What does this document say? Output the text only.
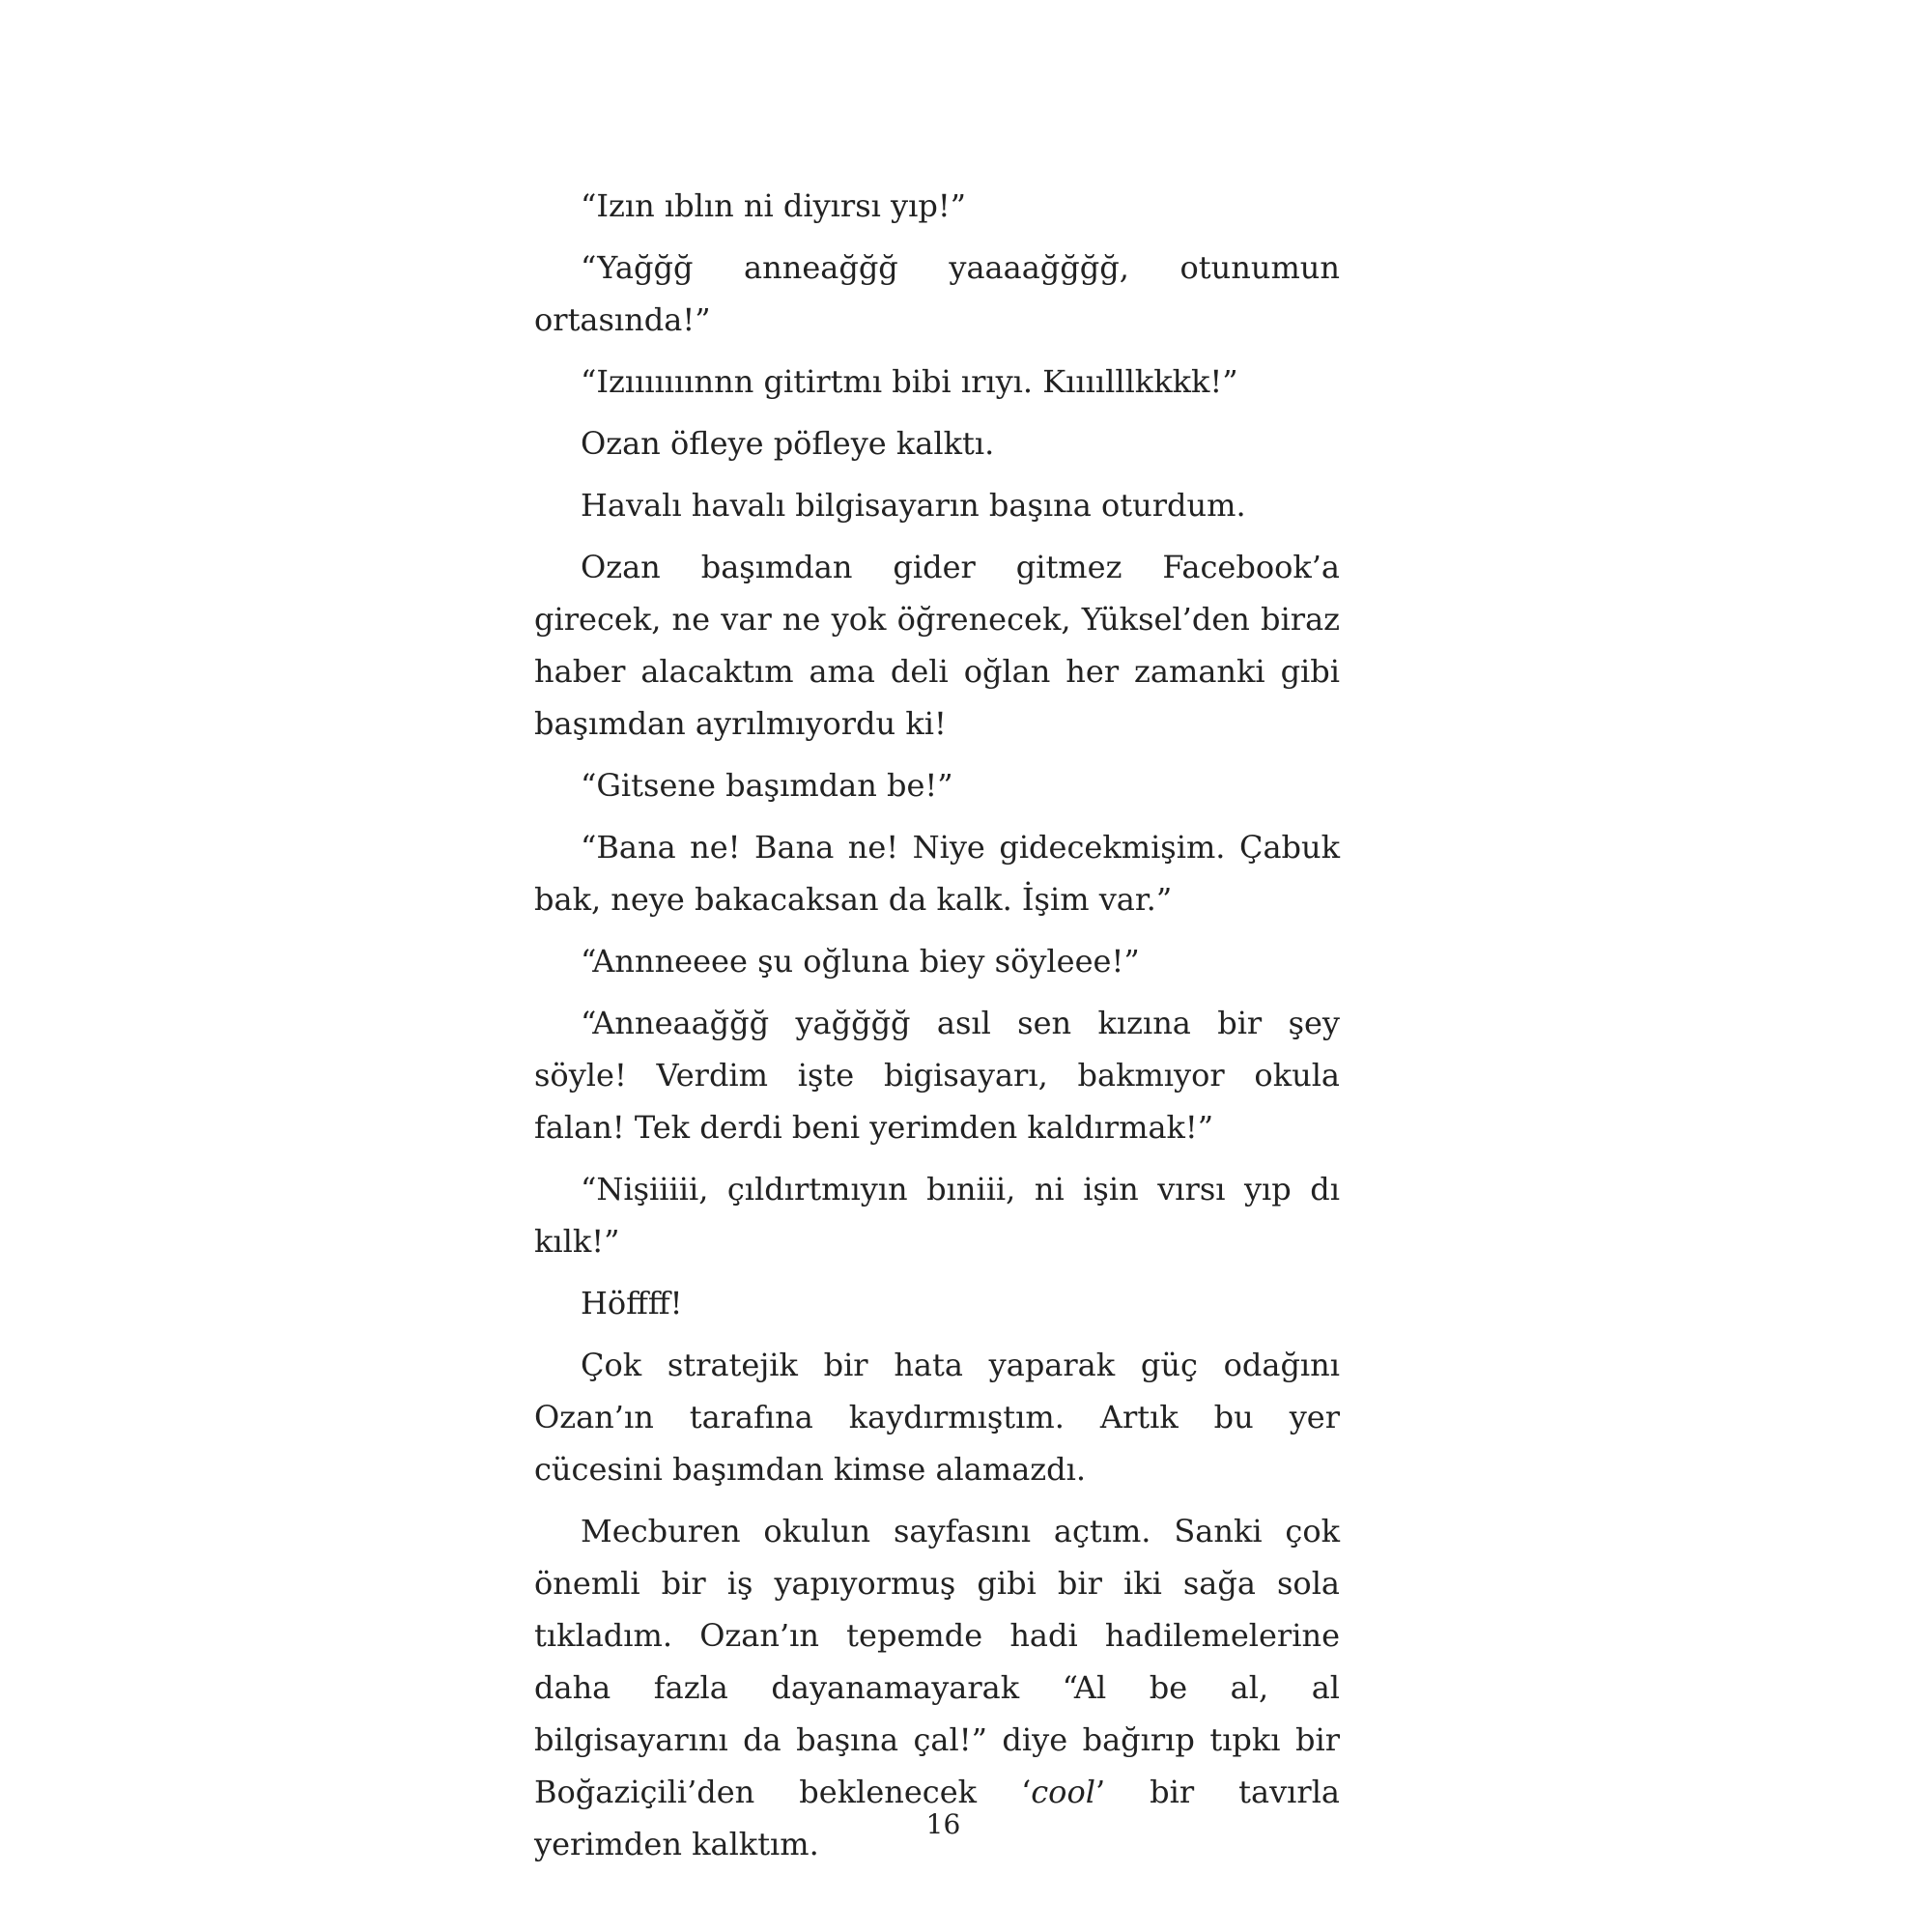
“Izın ıblın ni diyırsı yıp!”

“Yağğğ anneağğğ yaaaağğğğ, otunumun ortasında!”

“Izııııııınnn gitirtmı bibi ırıyı. Kıııılllkkkk!”

Ozan öfleye pöfleye kalktı.

Havalı havalı bilgisayarın başına oturdum.

Ozan başımdan gider gitmez Facebook’a girecek, ne var ne yok öğrenecek, Yüksel’den biraz haber alacaktım ama deli oğlan her zamanki gibi başımdan ayrılmıyordu ki!

“Gitsene başımdan be!”

“Bana ne! Bana ne! Niye gidecekmişim. Çabuk bak, neye bakacaksan da kalk. İşim var.”

“Annneeee şu oğluna biey söyleee!”

“Anneaağğğ yağğğğ asıl sen kızına bir şey söyle! Verdim işte bigisayarı, bakmıyor okula falan! Tek derdi beni yerimden kaldırmak!”

“Nişiiiii, çıldırtmıyın bıniii, ni işin vırsı yıp dı kılk!”

Höffff!

Çok stratejik bir hata yaparak güç odağını Ozan’ın tarafına kaydırmıştım. Artık bu yer cücesini başımdan kimse alamazdı.

Mecburen okulun sayfasını açtım. Sanki çok önemli bir iş yapıyormuş gibi bir iki sağa sola tıkladım. Ozan’ın tepemde hadi hadilemelerine daha fazla dayanamayarak “Al be al, al bilgisayarını da başına çal!” diye bağırıp tıpkı bir Boğaziçili’den beklenecek ‘cool’ bir tavırla yerimden kalktım.

16
